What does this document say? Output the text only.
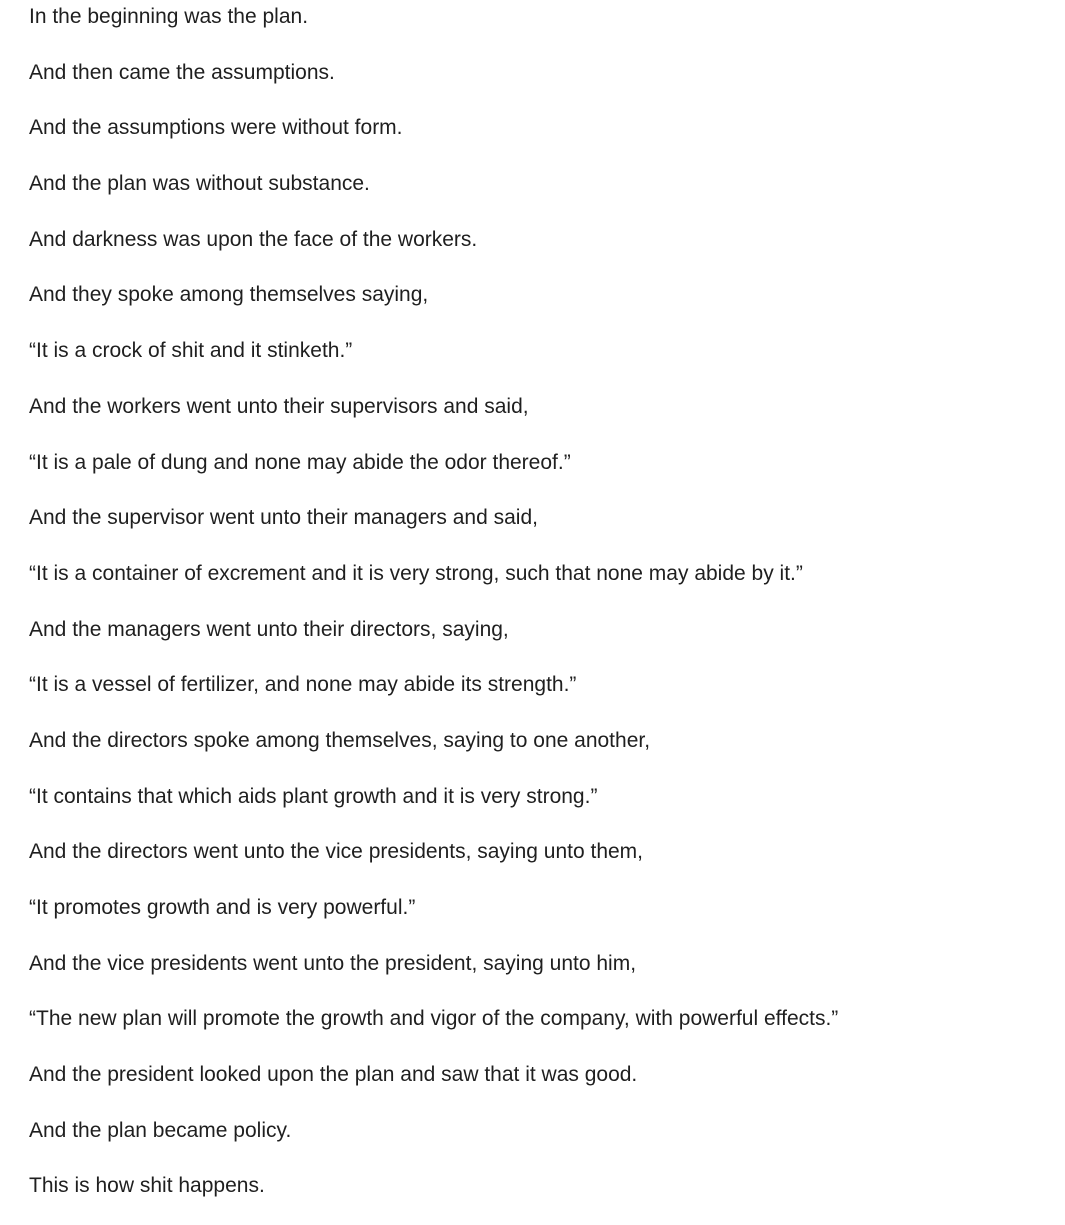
In the beginning was the plan.

And then came the assumptions.

And the assumptions were without form.

And the plan was without substance.

And darkness was upon the face of the workers.

And they spoke among themselves saying,

“It is a crock of shit and it stinketh.”

And the workers went unto their supervisors and said,

“It is a pale of dung and none may abide the odor thereof.”

And the supervisor went unto their managers and said,

“It is a container of excrement and it is very strong, such that none may abide by it.”

And the managers went unto their directors, saying,

“It is a vessel of fertilizer, and none may abide its strength.”

And the directors spoke among themselves, saying to one another,

“It contains that which aids plant growth and it is very strong.”

And the directors went unto the vice presidents, saying unto them,

“It promotes growth and is very powerful.”

And the vice presidents went unto the president, saying unto him,

“The new plan will promote the growth and vigor of the company, with powerful effects.”

And the president looked upon the plan and saw that it was good.

And the plan became policy.

This is how shit happens.
